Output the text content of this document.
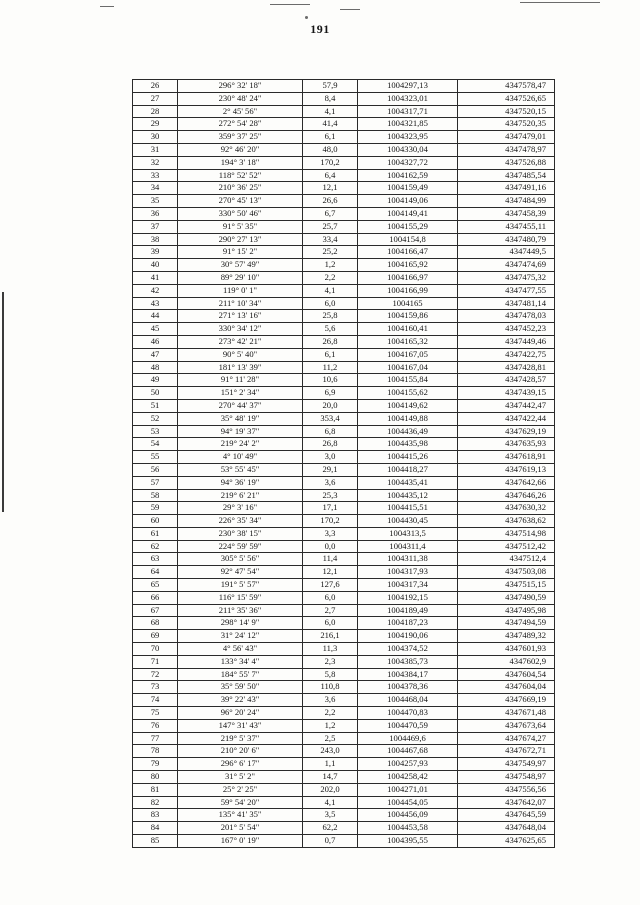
191
26	296° 32' 18"	57,9	1004297,13	4347578,47
27	230° 48' 24"	8,4	1004323,01	4347526,65
28	2° 45' 56"	4,1	1004317,71	4347520,15
29	272° 54' 28"	41,4	1004321,85	4347520,35
30	359° 37' 25"	6,1	1004323,95	4347479,01
31	92° 46' 20"	48,0	1004330,04	4347478,97
32	194° 3' 18"	170,2	1004327,72	4347526,88
33	118° 52' 52"	6,4	1004162,59	4347485,54
34	210° 36' 25"	12,1	1004159,49	4347491,16
35	270° 45' 13"	26,6	1004149,06	4347484,99
36	330° 50' 46"	6,7	1004149,41	4347458,39
37	91° 5' 35"	25,7	1004155,29	4347455,11
38	290° 27' 13"	33,4	1004154,8	4347480,79
39	91° 15' 2"	25,2	1004166,47	4347449,5
40	30° 57' 49"	1,2	1004165,92	4347474,69
41	89° 29' 10"	2,2	1004166,97	4347475,32
42	119° 0' 1"	4,1	1004166,99	4347477,55
43	211° 10' 34"	6,0	1004165	4347481,14
44	271° 13' 16"	25,8	1004159,86	4347478,03
45	330° 34' 12"	5,6	1004160,41	4347452,23
46	273° 42' 21"	26,8	1004165,32	4347449,46
47	90° 5' 40"	6,1	1004167,05	4347422,75
48	181° 13' 39"	11,2	1004167,04	4347428,81
49	91° 11' 28"	10,6	1004155,84	4347428,57
50	151° 2' 34"	6,9	1004155,62	4347439,15
51	270° 44' 37"	20,0	1004149,62	4347442,47
52	35° 48' 19"	353,4	1004149,88	4347422,44
53	94° 19' 37"	6,8	1004436,49	4347629,19
54	219° 24' 2"	26,8	1004435,98	4347635,93
55	4° 10' 49"	3,0	1004415,26	4347618,91
56	53° 55' 45"	29,1	1004418,27	4347619,13
57	94° 36' 19"	3,6	1004435,41	4347642,66
58	219° 6' 21"	25,3	1004435,12	4347646,26
59	29° 3' 16"	17,1	1004415,51	4347630,32
60	226° 35' 34"	170,2	1004430,45	4347638,62
61	230° 38' 15"	3,3	1004313,5	4347514,98
62	224° 59' 59"	0,0	1004311,4	4347512,42
63	305° 5' 56"	11,4	1004311,38	4347512,4
64	92° 47' 54"	12,1	1004317,93	4347503,08
65	191° 5' 57"	127,6	1004317,34	4347515,15
66	116° 15' 59"	6,0	1004192,15	4347490,59
67	211° 35' 36"	2,7	1004189,49	4347495,98
68	298° 14' 9"	6,0	1004187,23	4347494,59
69	31° 24' 12"	216,1	1004190,06	4347489,32
70	4° 56' 43"	11,3	1004374,52	4347601,93
71	133° 34' 4"	2,3	1004385,73	4347602,9
72	184° 55' 7"	5,8	1004384,17	4347604,54
73	35° 59' 50"	110,8	1004378,36	4347604,04
74	39° 22' 43"	3,6	1004468,04	4347669,19
75	96° 20' 24"	2,2	1004470,83	4347671,48
76	147° 31' 43"	1,2	1004470,59	4347673,64
77	219° 5' 37"	2,5	1004469,6	4347674,27
78	210° 20' 6"	243,0	1004467,68	4347672,71
79	296° 6' 17"	1,1	1004257,93	4347549,97
80	31° 5' 2"	14,7	1004258,42	4347548,97
81	25° 2' 25"	202,0	1004271,01	4347556,56
82	59° 54' 20"	4,1	1004454,05	4347642,07
83	135° 41' 35"	3,5	1004456,09	4347645,59
84	201° 5' 54"	62,2	1004453,58	4347648,04
85	167° 0' 19"	0,7	1004395,55	4347625,65
